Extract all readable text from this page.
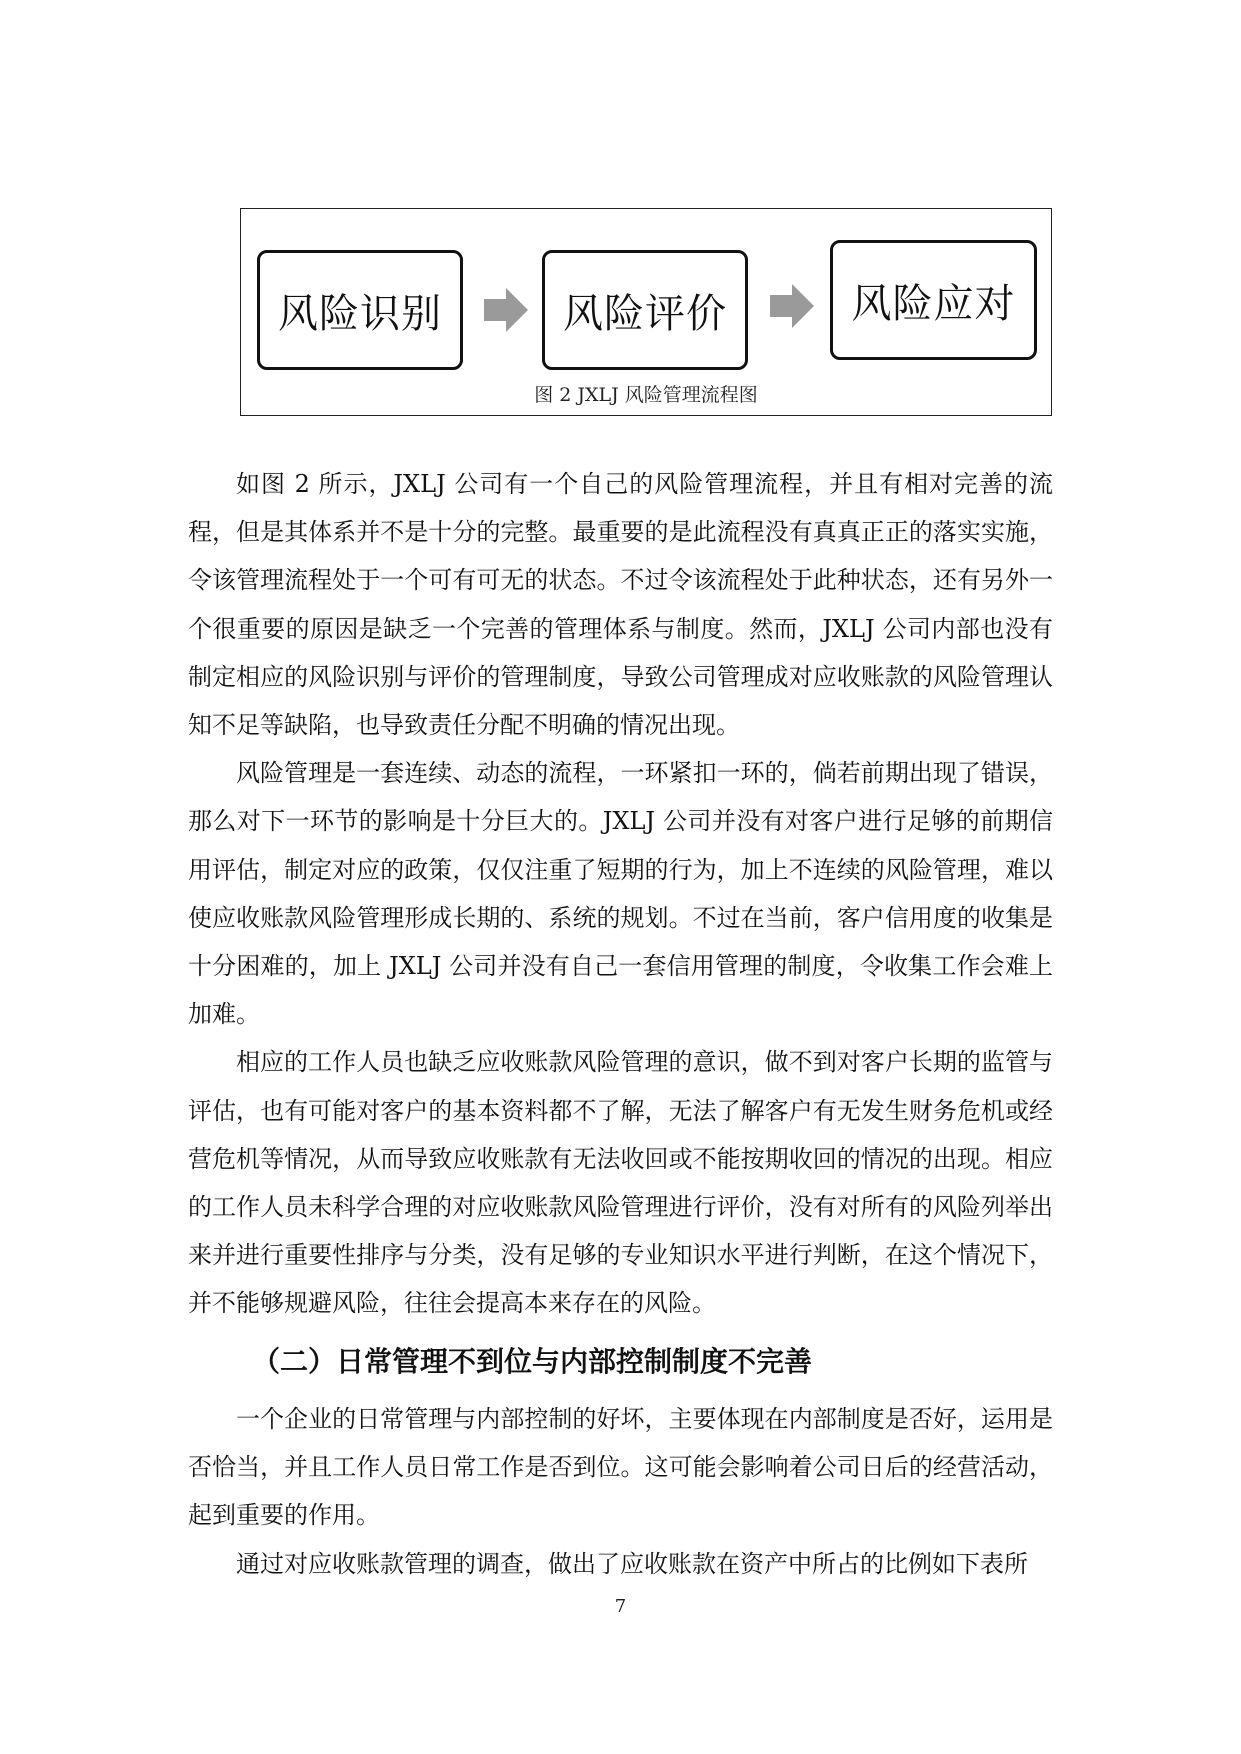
风险识别	风险评价	风险应对
图 2 JXLJ 风险管理流程图

如图 2 所示，JXLJ 公司有一个自己的风险管理流程，并且有相对完善的流程，但是其体系并不是十分的完整。最重要的是此流程没有真真正正的落实实施，令该管理流程处于一个可有可无的状态。不过令该流程处于此种状态，还有另外一个很重要的原因是缺乏一个完善的管理体系与制度。然而，JXLJ 公司内部也没有制定相应的风险识别与评价的管理制度，导致公司管理成对应收账款的风险管理认知不足等缺陷，也导致责任分配不明确的情况出现。

风险管理是一套连续、动态的流程，一环紧扣一环的，倘若前期出现了错误，那么对下一环节的影响是十分巨大的。JXLJ 公司并没有对客户进行足够的前期信用评估，制定对应的政策，仅仅注重了短期的行为，加上不连续的风险管理，难以使应收账款风险管理形成长期的、系统的规划。不过在当前，客户信用度的收集是十分困难的，加上 JXLJ 公司并没有自己一套信用管理的制度，令收集工作会难上加难。

相应的工作人员也缺乏应收账款风险管理的意识，做不到对客户长期的监管与评估，也有可能对客户的基本资料都不了解，无法了解客户有无发生财务危机或经营危机等情况，从而导致应收账款有无法收回或不能按期收回的情况的出现。相应的工作人员未科学合理的对应收账款风险管理进行评价，没有对所有的风险列举出来并进行重要性排序与分类，没有足够的专业知识水平进行判断，在这个情况下，并不能够规避风险，往往会提高本来存在的风险。

（二）日常管理不到位与内部控制制度不完善

一个企业的日常管理与内部控制的好坏，主要体现在内部制度是否好，运用是否恰当，并且工作人员日常工作是否到位。这可能会影响着公司日后的经营活动，起到重要的作用。

通过对应收账款管理的调查，做出了应收账款在资产中所占的比例如下表所

7
